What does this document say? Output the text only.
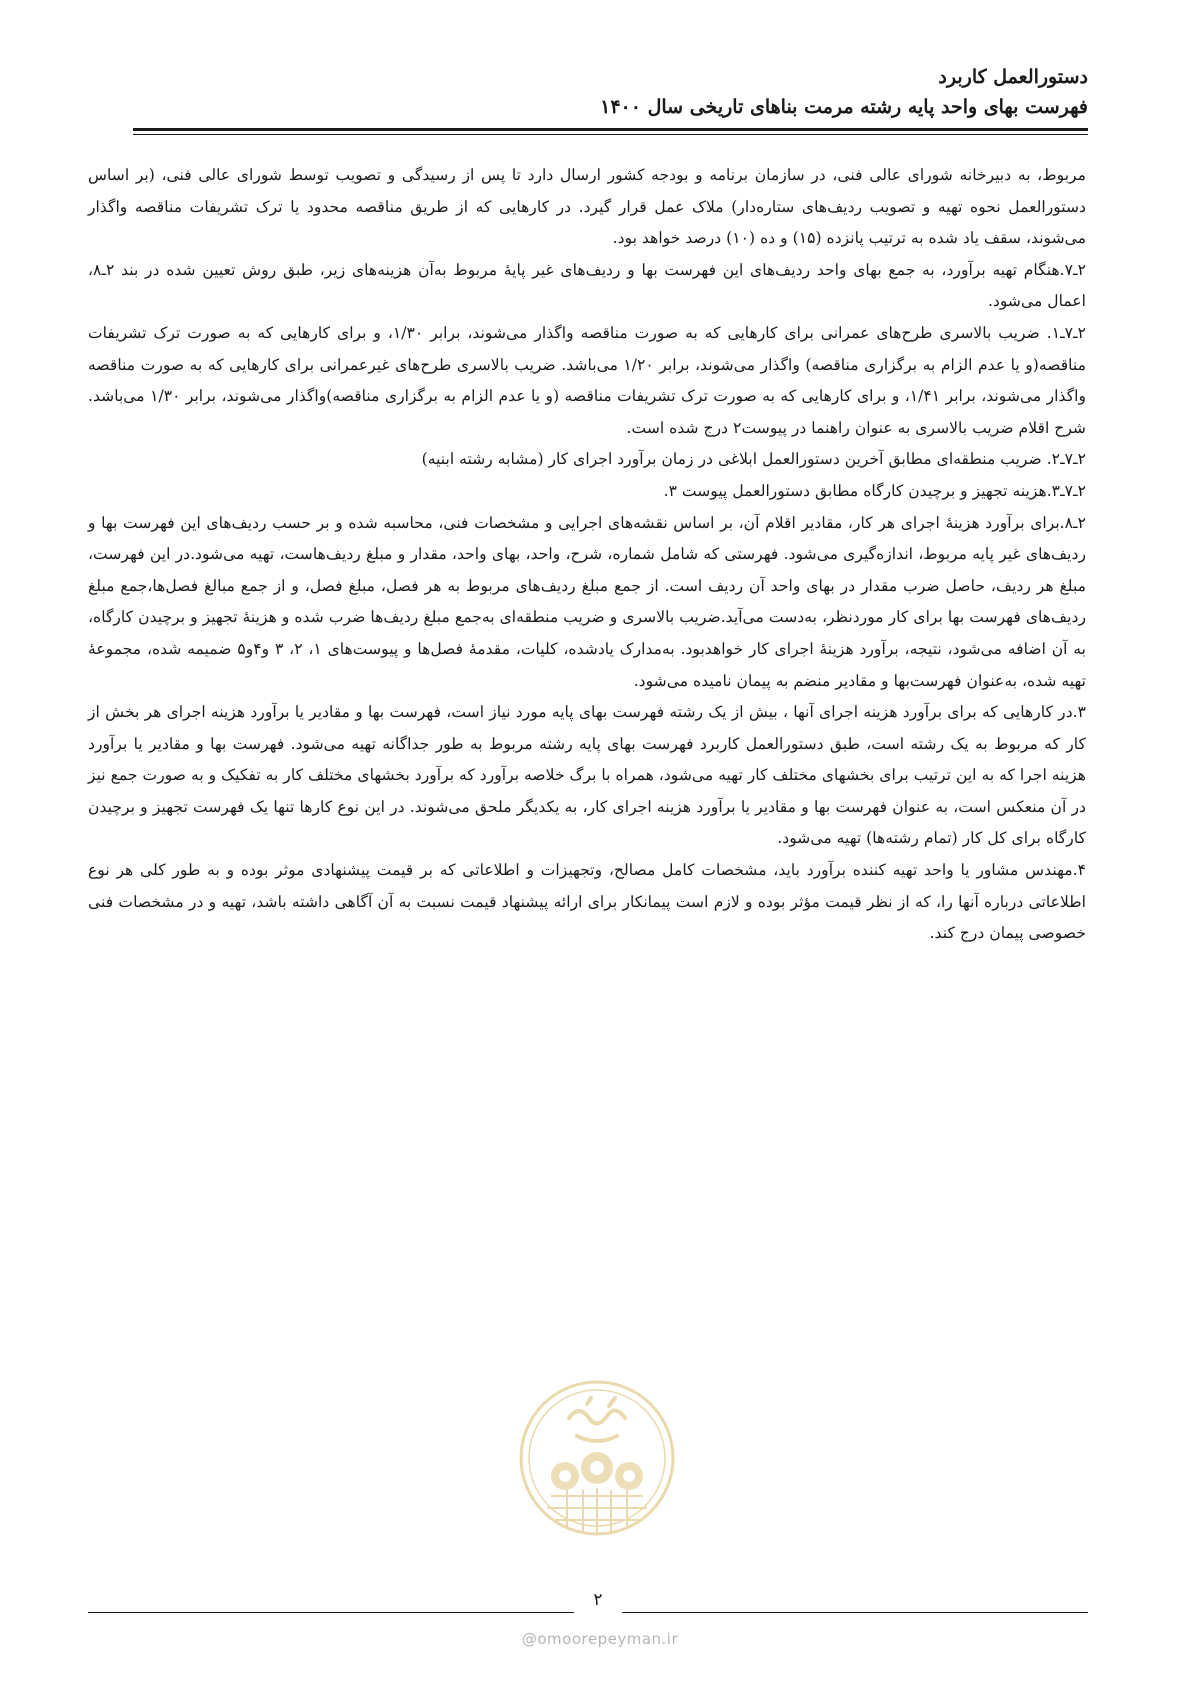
دستورالعمل کاربرد
فهرست بهای واحد پایه رشته مرمت بناهای تاریخی سال ۱۴۰۰

مربوط، به دبیرخانه شورای عالی فنی، در سازمان برنامه و بودجه کشور ارسال دارد تا پس از رسیدگی و تصویب توسط شورای عالی فنی، (بر اساس دستورالعمل نحوه تهیه و تصویب ردیف‌های ستاره‌دار) ملاک عمل قرار گیرد. در کارهایی که از طریق مناقصه محدود یا ترک تشریفات مناقصه واگذار می‌شوند، سقف یاد شده به ترتیب پانزده (۱۵) و ده (۱۰) درصد خواهد بود.

۲ـ۷.هنگام تهیه برآورد، به جمع بهای واحد ردیف‌های این فهرست بها و ردیف‌های غیر پایهٔ مربوط به‌آن هزینه‌های زیر، طبق روش تعیین شده در بند ۲ـ۸، اعمال می‌شود.

۲ـ۷ـ۱. ضریب بالاسری طرح‌های عمرانی برای کارهایی که به صورت مناقصه واگذار می‌شوند، برابر ۱/۳۰، و برای کارهایی که به صورت ترک تشریفات مناقصه(و یا عدم الزام به برگزاری مناقصه) واگذار می‌شوند، برابر ۱/۲۰ می‌باشد. ضریب بالاسری طرح‌های غیرعمرانی برای کارهایی که به صورت مناقصه واگذار می‌شوند، برابر ۱/۴۱، و برای کارهایی که به صورت ترک تشریفات مناقصه (و یا عدم الزام به برگزاری مناقصه)واگذار می‌شوند، برابر ۱/۳۰ می‌باشد. شرح اقلام ضریب بالاسری به عنوان راهنما در پیوست۲ درج شده است.

۲ـ۷ـ۲. ضریب منطقه‌ای مطابق آخرین دستورالعمل ابلاغی در زمان برآورد اجرای کار (مشابه رشته ابنیه)

۲ـ۷ـ۳.هزینه تجهیز و برچیدن کارگاه مطابق دستورالعمل پیوست ۳.

۲ـ۸.برای برآورد هزینهٔ اجرای هر کار، مقادیر اقلام آن، بر اساس نقشه‌های اجرایی و مشخصات فنی، محاسبه شده و بر حسب ردیف‌های این فهرست بها و ردیف‌های غیر پایه مربوط، اندازه‌گیری می‌شود. فهرستی که شامل شماره، شرح، واحد، بهای واحد، مقدار و مبلغ ردیف‌هاست، تهیه می‌شود.در این فهرست، مبلغ هر ردیف، حاصل ضرب مقدار در بهای واحد آن ردیف است. از جمع مبلغ ردیف‌های مربوط به هر فصل، مبلغ فصل، و از جمع مبالغ فصل‌ها،جمع مبلغ ردیف‌های فهرست بها برای کار موردنظر، به‌دست می‌آید.ضریب بالاسری و ضریب منطقه‌ای به‌جمع مبلغ ردیف‌ها ضرب شده و هزینهٔ تجهیز و برچیدن کارگاه، به آن اضافه می‌شود، نتیجه، برآورد هزینهٔ اجرای کار خواهدبود. به‌مدارک یادشده، کلیات، مقدمهٔ فصل‌ها و پیوست‌های ۱، ۲، ۳ و۴و۵ ضمیمه شده، مجموعهٔ تهیه شده، به‌عنوان فهرست‌بها و مقادیر منضم به پیمان نامیده می‌شود.

۳.در کارهایی که برای برآورد هزینه اجرای آنها ، بیش از یک رشته فهرست بهای پایه مورد نیاز است، فهرست بها و مقادیر یا برآورد هزینه اجرای هر بخش از کار که مربوط به یک رشته است، طبق دستورالعمل کاربرد فهرست بهای پایه رشته مربوط به طور جداگانه تهیه می‌شود. فهرست بها و مقادیر یا برآورد هزینه اجرا که به این ترتیب برای بخشهای مختلف کار تهیه می‌شود، همراه با برگ خلاصه برآورد که برآورد بخشهای مختلف کار به تفکیک و به صورت جمع نیز در آن منعکس است، به عنوان فهرست بها و مقادیر یا برآورد هزینه اجرای کار، به یکدیگر ملحق می‌شوند. در این نوع کارها تنها یک فهرست تجهیز و برچیدن کارگاه برای کل کار (تمام رشته‌ها) تهیه می‌شود.

۴.مهندس مشاور یا واحد تهیه کننده برآورد باید، مشخصات کامل مصالح، وتجهیزات و اطلاعاتی که بر قیمت پیشنهادی موثر بوده و به طور کلی هر نوع اطلاعاتی درباره آنها را، که از نظر قیمت مؤثر بوده و لازم است پیمانکار برای ارائه پیشنهاد قیمت نسبت به آن آگاهی داشته باشد، تهیه و در مشخصات فنی خصوصی پیمان درج کند.

۲
@omoorepeyman.ir
